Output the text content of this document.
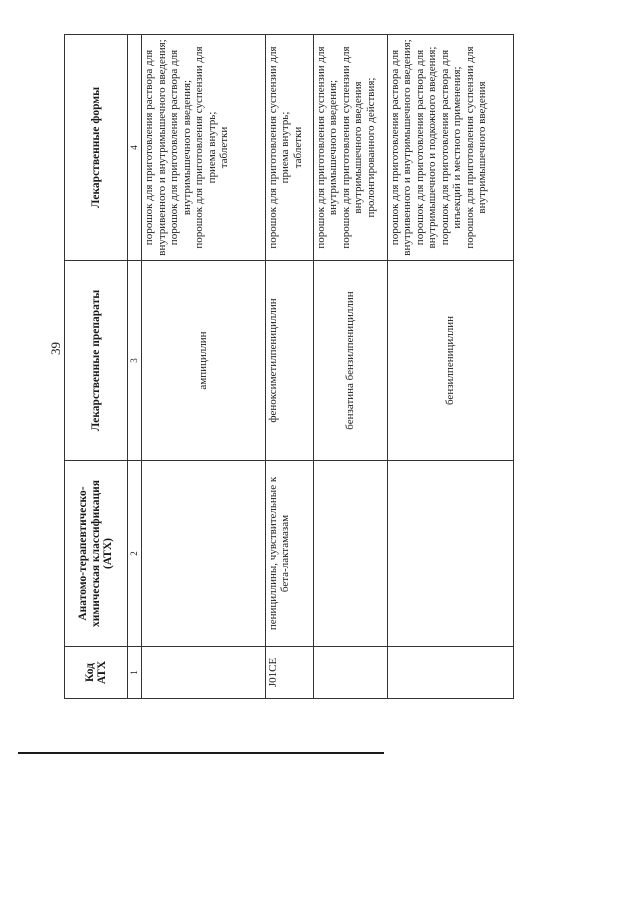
39
Код АТХ	Анатомо-терапевтическо-химическая классификация (АТХ)	Лекарственные препараты	Лекарственные формы
1	2	3	4
		ампициллин	порошок для приготовления раствора для внутривенного и внутримышечного введения; порошок для приготовления раствора для внутримышечного введения; порошок для приготовления суспензии для приема внутрь; таблетки

J01CE	пенициллины, чувствительные к бета-лактамазам	феноксиметилпенициллин	порошок для приготовления суспензии для приема внутрь; таблетки

		бензатина бензилпенициллин	порошок для приготовления суспензии для внутримышечного введения; порошок для приготовления суспензии для внутримышечного введения пролонгированного действия;

		бензилпенициллин	порошок для приготовления раствора для внутривенного и внутримышечного введения; порошок для приготовления раствора для внутримышечного и подкожного введения; порошок для приготовления раствора для инъекций и местного применения; порошок для приготовления суспензии для внутримышечного введения
